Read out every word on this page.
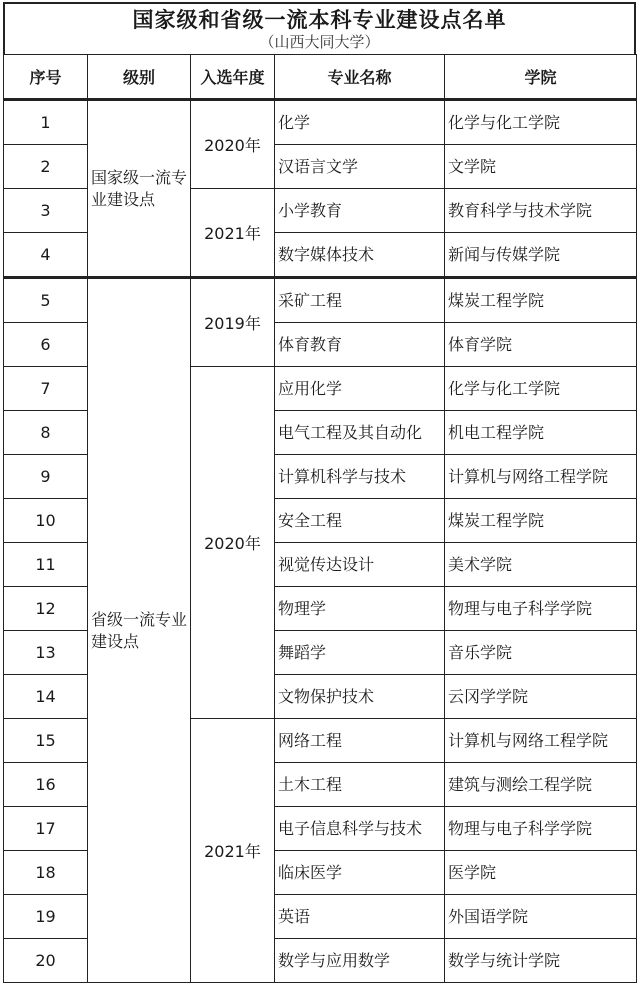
国家级和省级一流本科专业建设点名单
（山西大同大学）
序号	级别	入选年度	专业名称	学院
1	国家级一流专业建设点	2020年	化学	化学与化工学院
2			汉语言文学	文学院
3		2021年	小学教育	教育科学与技术学院
4			数字媒体技术	新闻与传媒学院
5	省级一流专业建设点	2019年	采矿工程	煤炭工程学院
6			体育教育	体育学院
7		2020年	应用化学	化学与化工学院
8			电气工程及其自动化	机电工程学院
9			计算机科学与技术	计算机与网络工程学院
10			安全工程	煤炭工程学院
11			视觉传达设计	美术学院
12			物理学	物理与电子科学学院
13			舞蹈学	音乐学院
14			文物保护技术	云冈学学院
15		2021年	网络工程	计算机与网络工程学院
16			土木工程	建筑与测绘工程学院
17			电子信息科学与技术	物理与电子科学学院
18			临床医学	医学院
19			英语	外国语学院
20			数学与应用数学	数学与统计学院
